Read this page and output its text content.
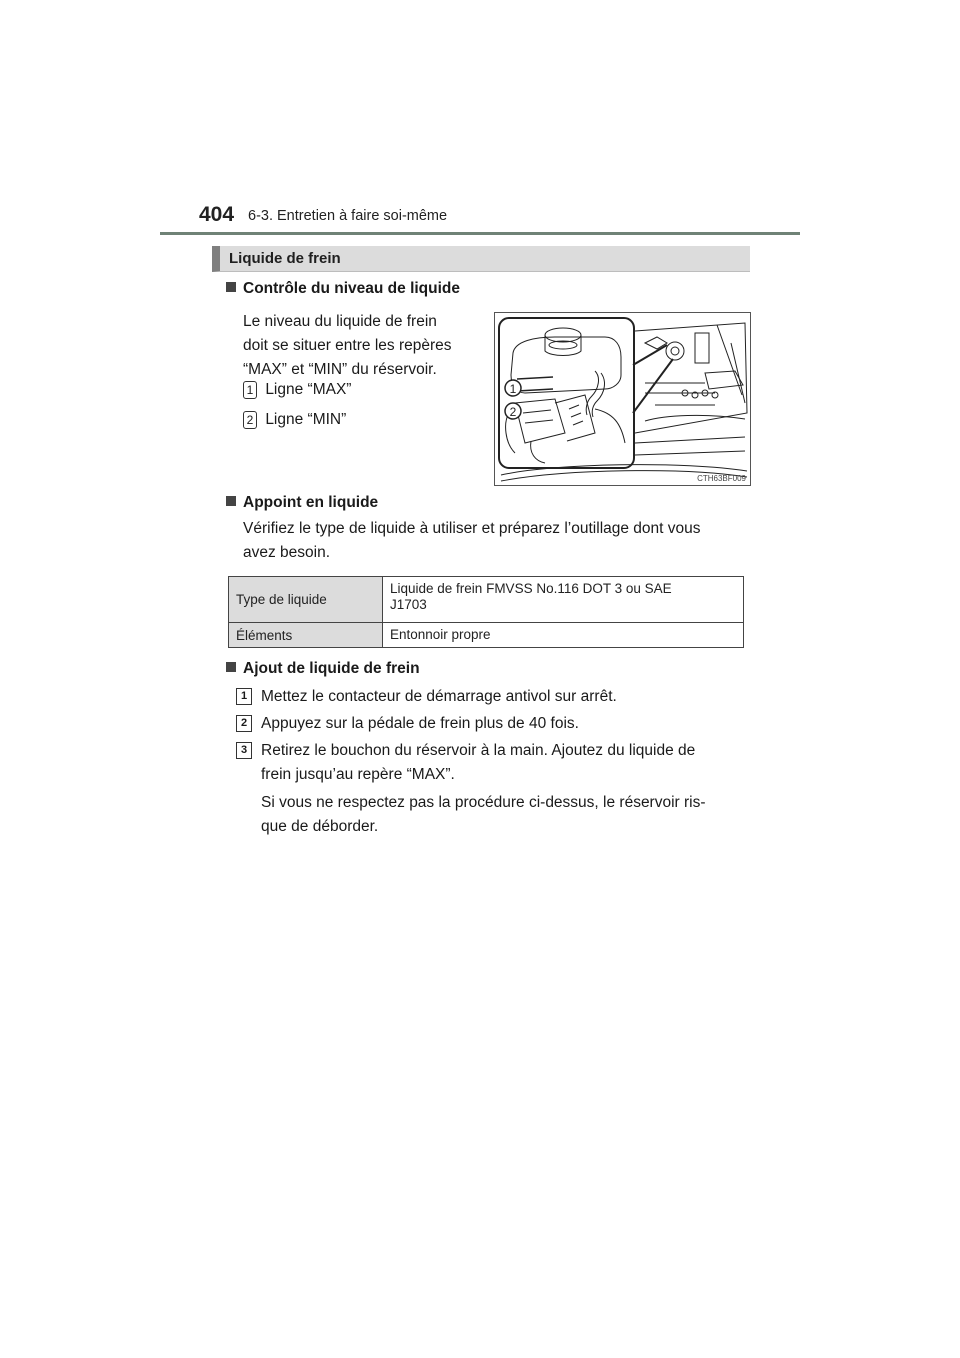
404 6-3. Entretien à faire soi-même
Liquide de frein
Contrôle du niveau de liquide
Le niveau du liquide de frein
doit se situer entre les repères
“MAX” et “MIN” du réservoir.
1 Ligne “MAX”
2 Ligne “MIN”
1
2
CTH63BF009
Appoint en liquide
Vérifiez le type de liquide à utiliser et préparez l’outillage dont vous
avez besoin.
Type de liquide	Liquide de frein FMVSS No.116 DOT 3 ou SAE
J1703

Éléments	Entonnoir propre
Ajout de liquide de frein
1 Mettez le contacteur de démarrage antivol sur arrêt.
2 Appuyez sur la pédale de frein plus de 40 fois.
3 Retirez le bouchon du réservoir à la main. Ajoutez du liquide de
frein jusqu’au repère “MAX”.
Si vous ne respectez pas la procédure ci-dessus, le réservoir ris-
que de déborder.
